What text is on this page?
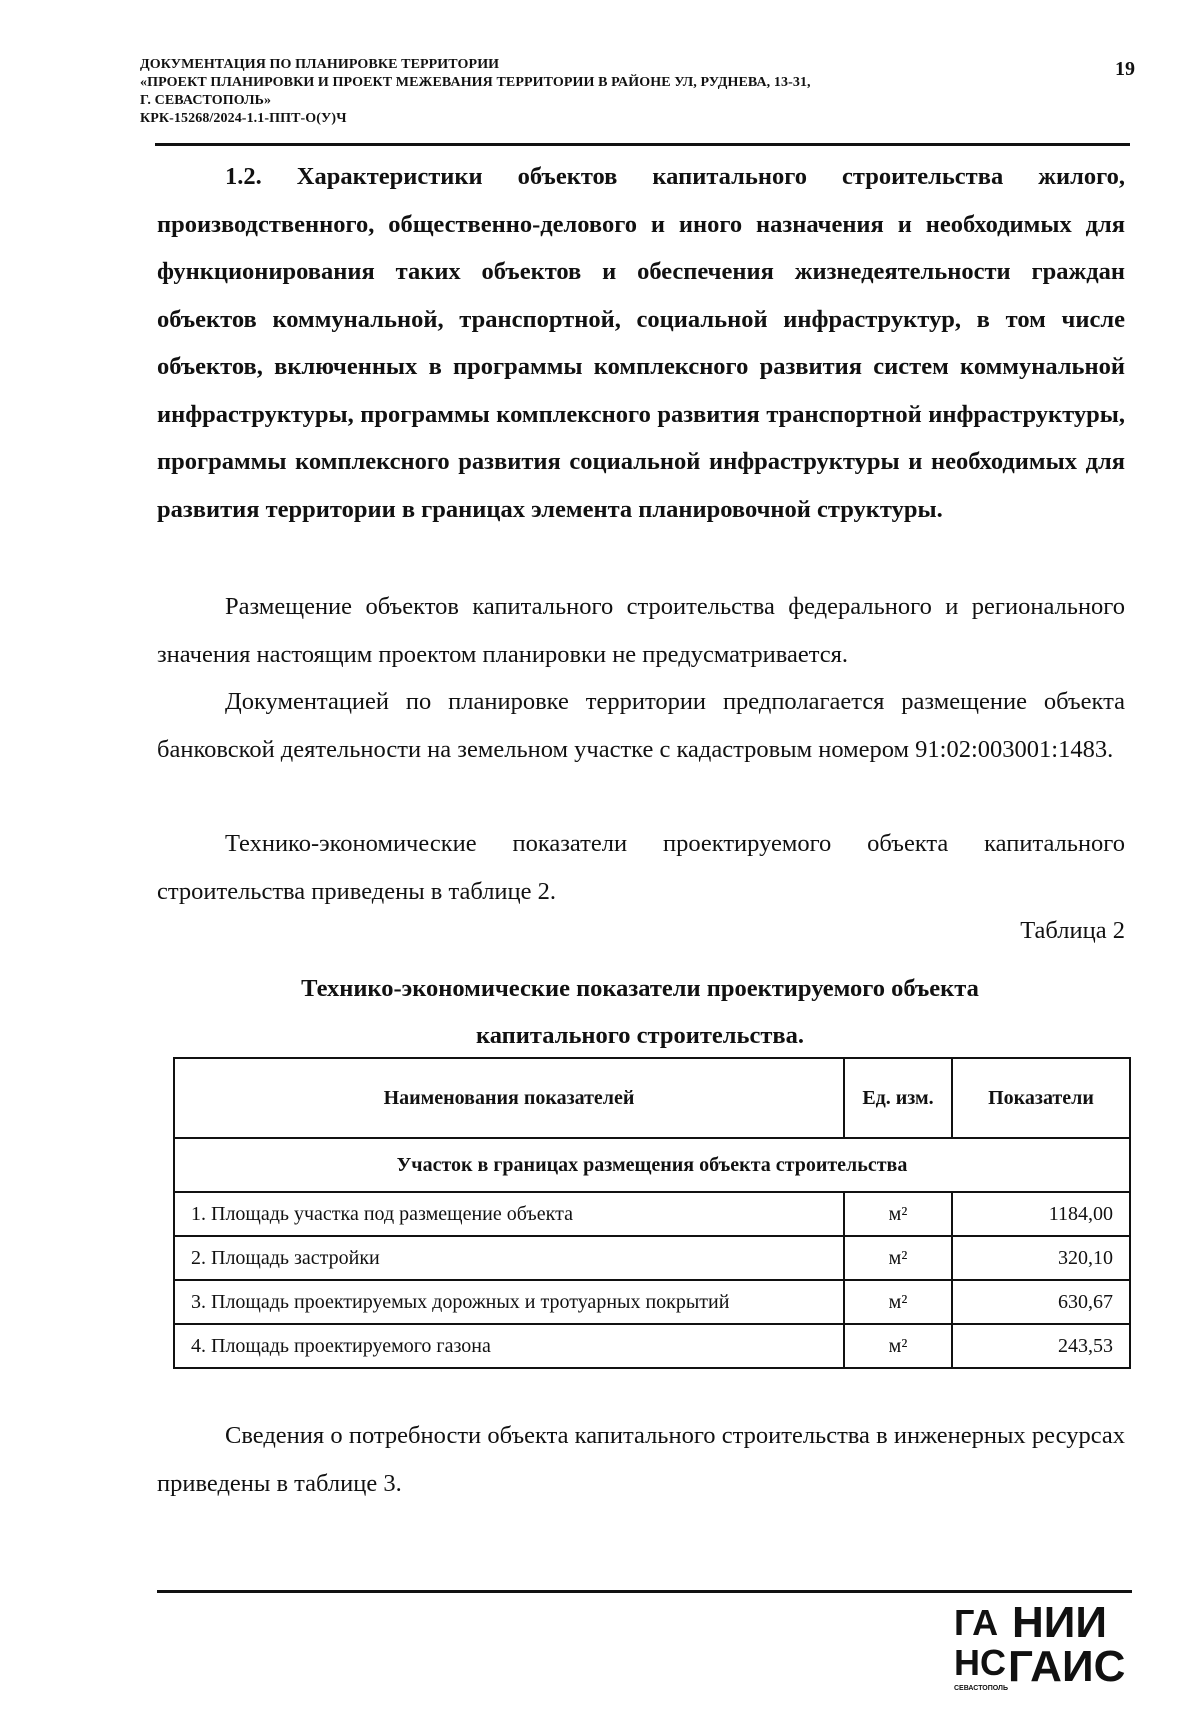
ДОКУМЕНТАЦИЯ ПО ПЛАНИРОВКЕ ТЕРРИТОРИИ
«ПРОЕКТ ПЛАНИРОВКИ И ПРОЕКТ МЕЖЕВАНИЯ ТЕРРИТОРИИ В РАЙОНЕ УЛ, РУДНЕВА, 13-31,
Г. СЕВАСТОПОЛЬ»
КРК-15268/2024-1.1-ППТ-О(У)Ч
19

1.2. Характеристики объектов капитального строительства жилого, производственного, общественно-делового и иного назначения и необходимых для функционирования таких объектов и обеспечения жизнедеятельности граждан объектов коммунальной, транспортной, социальной инфраструктур, в том числе объектов, включенных в программы комплексного развития систем коммунальной инфраструктуры, программы комплексного развития транспортной инфраструктуры, программы комплексного развития социальной инфраструктуры и необходимых для развития территории в границах элемента планировочной структуры.

Размещение объектов капитального строительства федерального и регионального значения настоящим проектом планировки не предусматривается.

Документацией по планировке территории предполагается размещение объекта банковской деятельности на земельном участке с кадастровым номером 91:02:003001:1483.

Технико-экономические показатели проектируемого объекта капитального строительства приведены в таблице 2.

Таблица 2
Технико-экономические показатели проектируемого объекта
капитального строительства.
Наименования показателей	Ед. изм.	Показатели
Участок в границах размещения объекта строительства		
1. Площадь участка под размещение объекта	м²	1184,00
2. Площадь застройки	м²	320,10
3. Площадь проектируемых дорожных и тротуарных покрытий	м²	630,67
4. Площадь проектируемого газона	м²	243,53

Сведения о потребности объекта капитального строительства в инженерных ресурсах приведены в таблице 3.

ГА
НС
НИИ
ГАИС
СЕВАСТОПОЛЬ
